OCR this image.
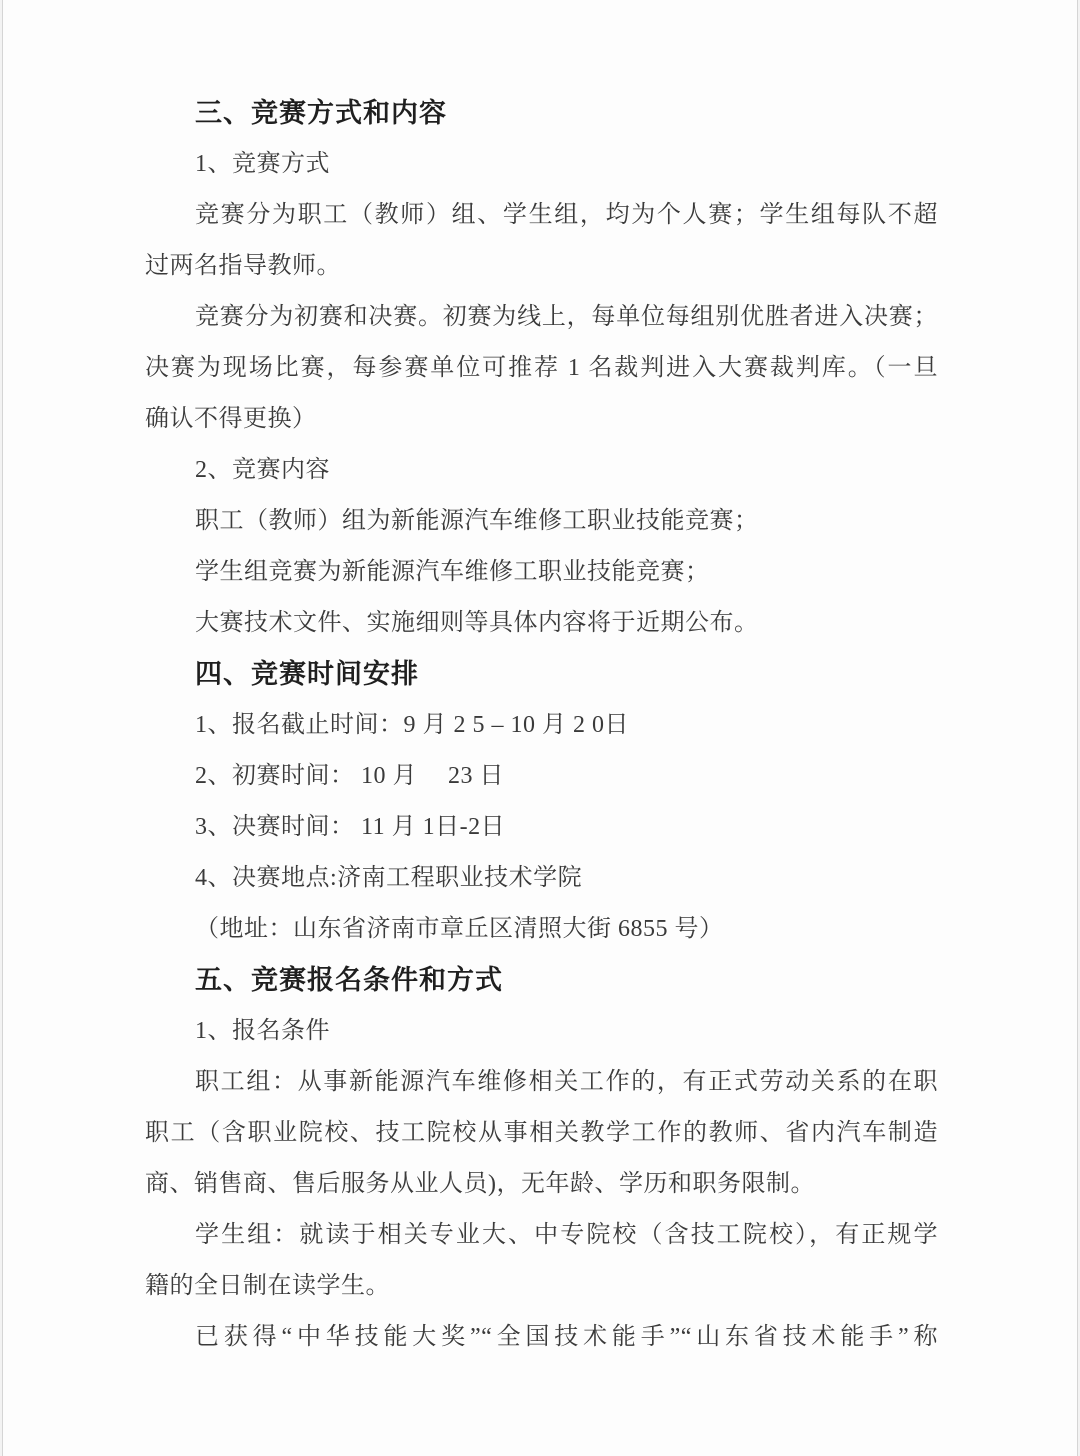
三、竞赛方式和内容
1、竞赛方式
竞赛分为职工（教师）组、学生组，均为个人赛；学生组每队不超
过两名指导教师。
竞赛分为初赛和决赛。初赛为线上，每单位每组别优胜者进入决赛；
决赛为现场比赛，每参赛单位可推荐 1 名裁判进入大赛裁判库。（一旦
确认不得更换）
2、竞赛内容
职工（教师）组为新能源汽车维修工职业技能竞赛；
学生组竞赛为新能源汽车维修工职业技能竞赛；
大赛技术文件、实施细则等具体内容将于近期公布。
四、竞赛时间安排
1、报名截止时间：9 月 2 5 – 10 月 2 0日
2、初赛时间： 10 月　 23 日
3、决赛时间： 11 月 1日-2日
4、决赛地点:济南工程职业技术学院
（地址：山东省济南市章丘区清照大街 6855 号）
五、竞赛报名条件和方式
1、报名条件
职工组：从事新能源汽车维修相关工作的，有正式劳动关系的在职
职工（含职业院校、技工院校从事相关教学工作的教师、省内汽车制造
商、销售商、售后服务从业人员)，无年龄、学历和职务限制。
学生组：就读于相关专业大、中专院校（含技工院校），有正规学
籍的全日制在读学生。
已获得“中华技能大奖”“全国技术能手”“山东省技术能手”称
